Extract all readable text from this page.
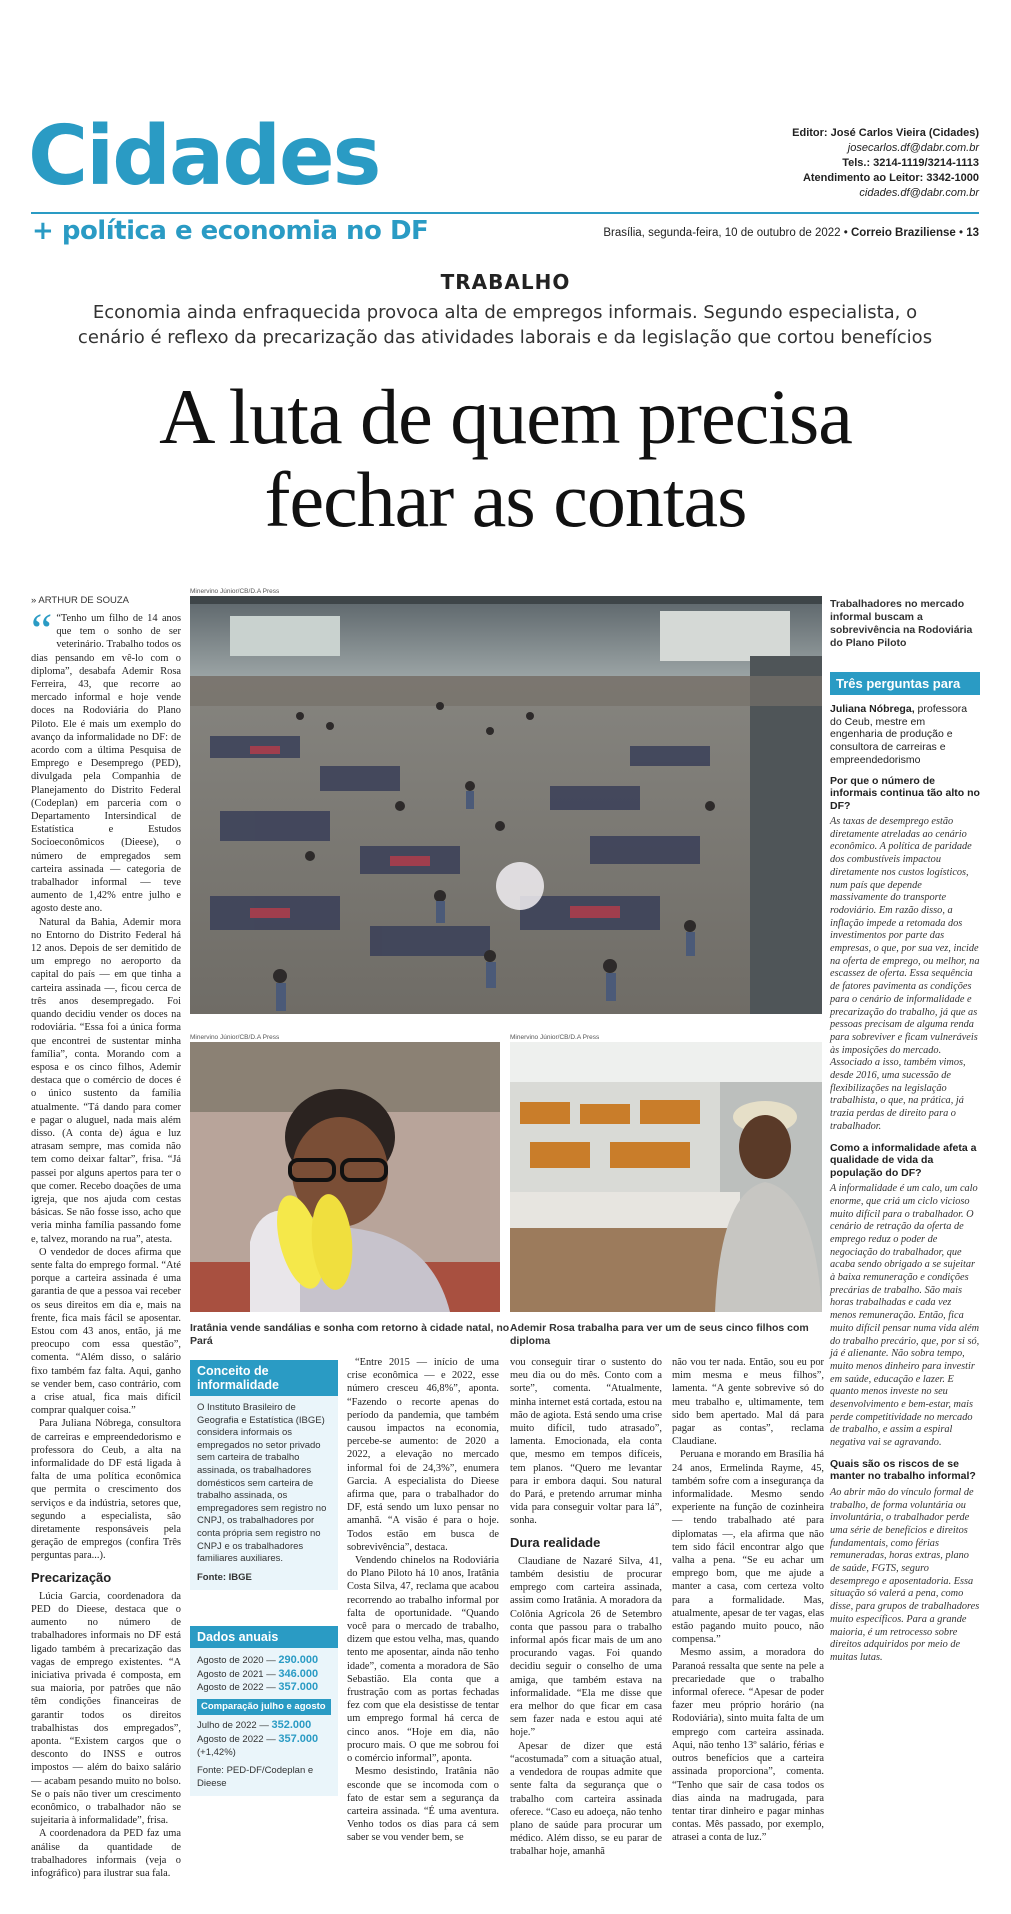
Cidades
+ política e economia no DF
Editor: José Carlos Vieira (Cidades)
josecarlos.df@dabr.com.br
Tels.: 3214-1119/3214-1113
Atendimento ao Leitor: 3342-1000
cidades.df@dabr.com.br
Brasília, segunda-feira, 10 de outubro de 2022 • Correio Braziliense • 13
TRABALHO
Economia ainda enfraquecida provoca alta de empregos informais. Segundo especialista, o cenário é reflexo da precarização das atividades laborais e da legislação que cortou benefícios
A luta de quem precisa
fechar as contas
» ARTHUR DE SOUZA
Minervino Júnior/CB/D.A Press
Trabalhadores no mercado informal buscam a sobrevivência na Rodoviária do Plano Piloto
Três perguntas para
Juliana Nóbrega, professora do Ceub, mestre em engenharia de produção e consultora de carreiras e empreendedorismo
Por que o número de informais continua tão alto no DF?
As taxas de desemprego estão diretamente atreladas ao cenário econômico. A política de paridade dos combustíveis impactou diretamente nos custos logísticos, num país que depende massivamente do transporte rodoviário. Em razão disso, a inflação impede a retomada dos investimentos por parte das empresas, o que, por sua vez, incide na oferta de emprego, ou melhor, na escassez de oferta. Essa sequência de fatores pavimenta as condições para o cenário de informalidade e precarização do trabalho, já que as pessoas precisam de alguma renda para sobreviver e ficam vulneráveis às imposições do mercado. Associado a isso, também vimos, desde 2016, uma sucessão de flexibilizações na legislação trabalhista, o que, na prática, já trazia perdas de direito para o trabalhador.
Como a informalidade afeta a qualidade de vida da população do DF?
A informalidade é um calo, um calo enorme, que criá um ciclo vicioso muito difícil para o trabalhador. O cenário de retração da oferta de emprego reduz o poder de negociação do trabalhador, que acaba sendo obrigado a se sujeitar à baixa remuneração e condições precárias de trabalho. São mais horas trabalhadas e cada vez menos remuneração. Então, fica muito difícil pensar numa vida além do trabalho precário, que, por si só, já é alienante. Não sobra tempo, muito menos dinheiro para investir em saúde, educação e lazer. E quanto menos investe no seu desenvolvimento e bem-estar, mais perde competitividade no mercado de trabalho, e assim a espiral negativa vai se agravando.
Quais são os riscos de se manter no trabalho informal?
Ao abrir mão do vínculo formal de trabalho, de forma voluntária ou involuntária, o trabalhador perde uma série de benefícios e direitos fundamentais, como férias remuneradas, horas extras, plano de saúde, FGTS, seguro desemprego e aposentadoria. Essa situação só valerá a pena, como disse, para grupos de trabalhadores muito específicos. Para a grande maioria, é um retrocesso sobre direitos adquiridos por meio de muitas lutas.
Minervino Júnior/CB/D.A Press
Iratânia vende sandálias e sonha com retorno à cidade natal, no Pará
Minervino Júnior/CB/D.A Press
Ademir Rosa trabalha para ver um de seus cinco filhos com diploma

“ “Tenho um filho de 14 anos que tem o sonho de ser veterinário. Trabalho todos os dias pensando em vê-lo com o diploma”, desabafa Ademir Rosa Ferreira, 43, que recorre ao mercado informal e hoje vende doces na Rodoviária do Plano Piloto. Ele é mais um exemplo do avanço da informalidade no DF: de acordo com a última Pesquisa de Emprego e Desemprego (PED), divulgada pela Companhia de Planejamento do Distrito Federal (Codeplan) em parceria com o Departamento Intersindical de Estatística e Estudos Socioeconômicos (Dieese), o número de empregados sem carteira assinada — categoria de trabalhador informal — teve aumento de 1,42% entre julho e agosto deste ano.

Natural da Bahia, Ademir mora no Entorno do Distrito Federal há 12 anos. Depois de ser demitido de um emprego no aeroporto da capital do país — em que tinha a carteira assinada —, ficou cerca de três anos desempregado. Foi quando decidiu vender os doces na rodoviária. “Essa foi a única forma que encontrei de sustentar minha família”, conta. Morando com a esposa e os cinco filhos, Ademir destaca que o comércio de doces é o único sustento da família atualmente. “Tá dando para comer e pagar o aluguel, nada mais além disso. (A conta de) água e luz atrasam sempre, mas comida não tem como deixar faltar”, frisa. “Já passei por alguns apertos para ter o que comer. Recebo doações de uma igreja, que nos ajuda com cestas básicas. Se não fosse isso, acho que veria minha família passando fome e, talvez, morando na rua”, atesta.

O vendedor de doces afirma que sente falta do emprego formal. “Até porque a carteira assinada é uma garantia de que a pessoa vai receber os seus direitos em dia e, mais na frente, fica mais fácil se aposentar. Estou com 43 anos, então, já me preocupo com essa questão”, comenta. “Além disso, o salário fixo também faz falta. Aqui, ganho se vender bem, caso contrário, com a crise atual, fica mais difícil comprar qualquer coisa.”

Para Juliana Nóbrega, consultora de carreiras e empreendedorismo e professora do Ceub, a alta na informalidade do DF está ligada à falta de uma política econômica que permita o crescimento dos serviços e da indústria, setores que, segundo a especialista, são diretamente responsáveis pela geração de empregos (confira Três perguntas para...).

Precarização

Lúcia Garcia, coordenadora da PED do Dieese, destaca que o aumento no número de trabalhadores informais no DF está ligado também à precarização das vagas de emprego existentes. “A iniciativa privada é composta, em sua maioria, por patrões que não têm condições financeiras de garantir todos os direitos trabalhistas dos empregados”, aponta. “Existem cargos que o desconto do INSS e outros impostos — além do baixo salário — acabam pesando muito no bolso. Se o país não tiver um crescimento econômico, o trabalhador não se sujeitaria à informalidade”, frisa.

A coordenadora da PED faz uma análise da quantidade de trabalhadores informais (veja o infográfico) para ilustrar sua fala.

Conceito de informalidade
O Instituto Brasileiro de Geografia e Estatística (IBGE) considera informais os empregados no setor privado sem carteira de trabalho assinada, os trabalhadores domésticos sem carteira de trabalho assinada, os empregadores sem registro no CNPJ, os trabalhadores por conta própria sem registro no CNPJ e os trabalhadores familiares auxiliares.
Fonte: IBGE
Dados anuais
Agosto de 2020 — 290.000
Agosto de 2021 — 346.000
Agosto de 2022 — 357.000
Comparação julho e agosto
Julho de 2022 — 352.000
Agosto de 2022 — 357.000
(+1,42%)
Fonte: PED-DF/Codeplan e Dieese

“Entre 2015 — início de uma crise econômica — e 2022, esse número cresceu 46,8%”, aponta. “Fazendo o recorte apenas do período da pandemia, que também causou impactos na economia, percebe-se aumento: de 2020 a 2022, a elevação no mercado informal foi de 24,3%”, enumera Garcia. A especialista do Dieese afirma que, para o trabalhador do DF, está sendo um luxo pensar no amanhã. “A visão é para o hoje. Todos estão em busca de sobrevivência”, destaca.

Vendendo chinelos na Rodoviária do Plano Piloto há 10 anos, Iratânia Costa Silva, 47, reclama que acabou recorrendo ao trabalho informal por falta de oportunidade. “Quando você para o mercado de trabalho, dizem que estou velha, mas, quando tento me aposentar, ainda não tenho idade”, comenta a moradora de São Sebastião. Ela conta que a frustração com as portas fechadas fez com que ela desistisse de tentar um emprego formal há cerca de cinco anos. “Hoje em dia, não procuro mais. O que me sobrou foi o comércio informal”, aponta.

Mesmo desistindo, Iratânia não esconde que se incomoda com o fato de estar sem a segurança da carteira assinada. “É uma aventura. Venho todos os dias para cá sem saber se vou vender bem, se

vou conseguir tirar o sustento do meu dia ou do mês. Conto com a sorte”, comenta. “Atualmente, minha internet está cortada, estou na mão de agiota. Está sendo uma crise muito difícil, tudo atrasado”, lamenta. Emocionada, ela conta que, mesmo em tempos difíceis, tem planos. “Quero me levantar para ir embora daqui. Sou natural do Pará, e pretendo arrumar minha vida para conseguir voltar para lá”, sonha.

Dura realidade

Claudiane de Nazaré Silva, 41, também desistiu de procurar emprego com carteira assinada, assim como Iratânia. A moradora da Colônia Agrícola 26 de Setembro conta que passou para o trabalho informal após ficar mais de um ano procurando vagas. Foi quando decidiu seguir o conselho de uma amiga, que também estava na informalidade. “Ela me disse que era melhor do que ficar em casa sem fazer nada e estou aqui até hoje.”

Apesar de dizer que está “acostumada” com a situação atual, a vendedora de roupas admite que sente falta da segurança que o trabalho com carteira assinada oferece. “Caso eu adoeça, não tenho plano de saúde para procurar um médico. Além disso, se eu parar de trabalhar hoje, amanhã

não vou ter nada. Então, sou eu por mim mesma e meus filhos”, lamenta. “A gente sobrevive só do meu trabalho e, ultimamente, tem sido bem apertado. Mal dá para pagar as contas”, reclama Claudiane.

Peruana e morando em Brasília há 24 anos, Ermelinda Rayme, 45, também sofre com a insegurança da informalidade. Mesmo sendo experiente na função de cozinheira — tendo trabalhado até para diplomatas —, ela afirma que não tem sido fácil encontrar algo que valha a pena. “Se eu achar um emprego bom, que me ajude a manter a casa, com certeza volto para a formalidade. Mas, atualmente, apesar de ter vagas, elas estão pagando muito pouco, não compensa.”

Mesmo assim, a moradora do Paranoá ressalta que sente na pele a precariedade que o trabalho informal oferece. “Apesar de poder fazer meu próprio horário (na Rodoviária), sinto muita falta de um emprego com carteira assinada. Aqui, não tenho 13º salário, férias e outros benefícios que a carteira assinada proporciona”, comenta. “Tenho que sair de casa todos os dias ainda na madrugada, para tentar tirar dinheiro e pagar minhas contas. Mês passado, por exemplo, atrasei a conta de luz.”
